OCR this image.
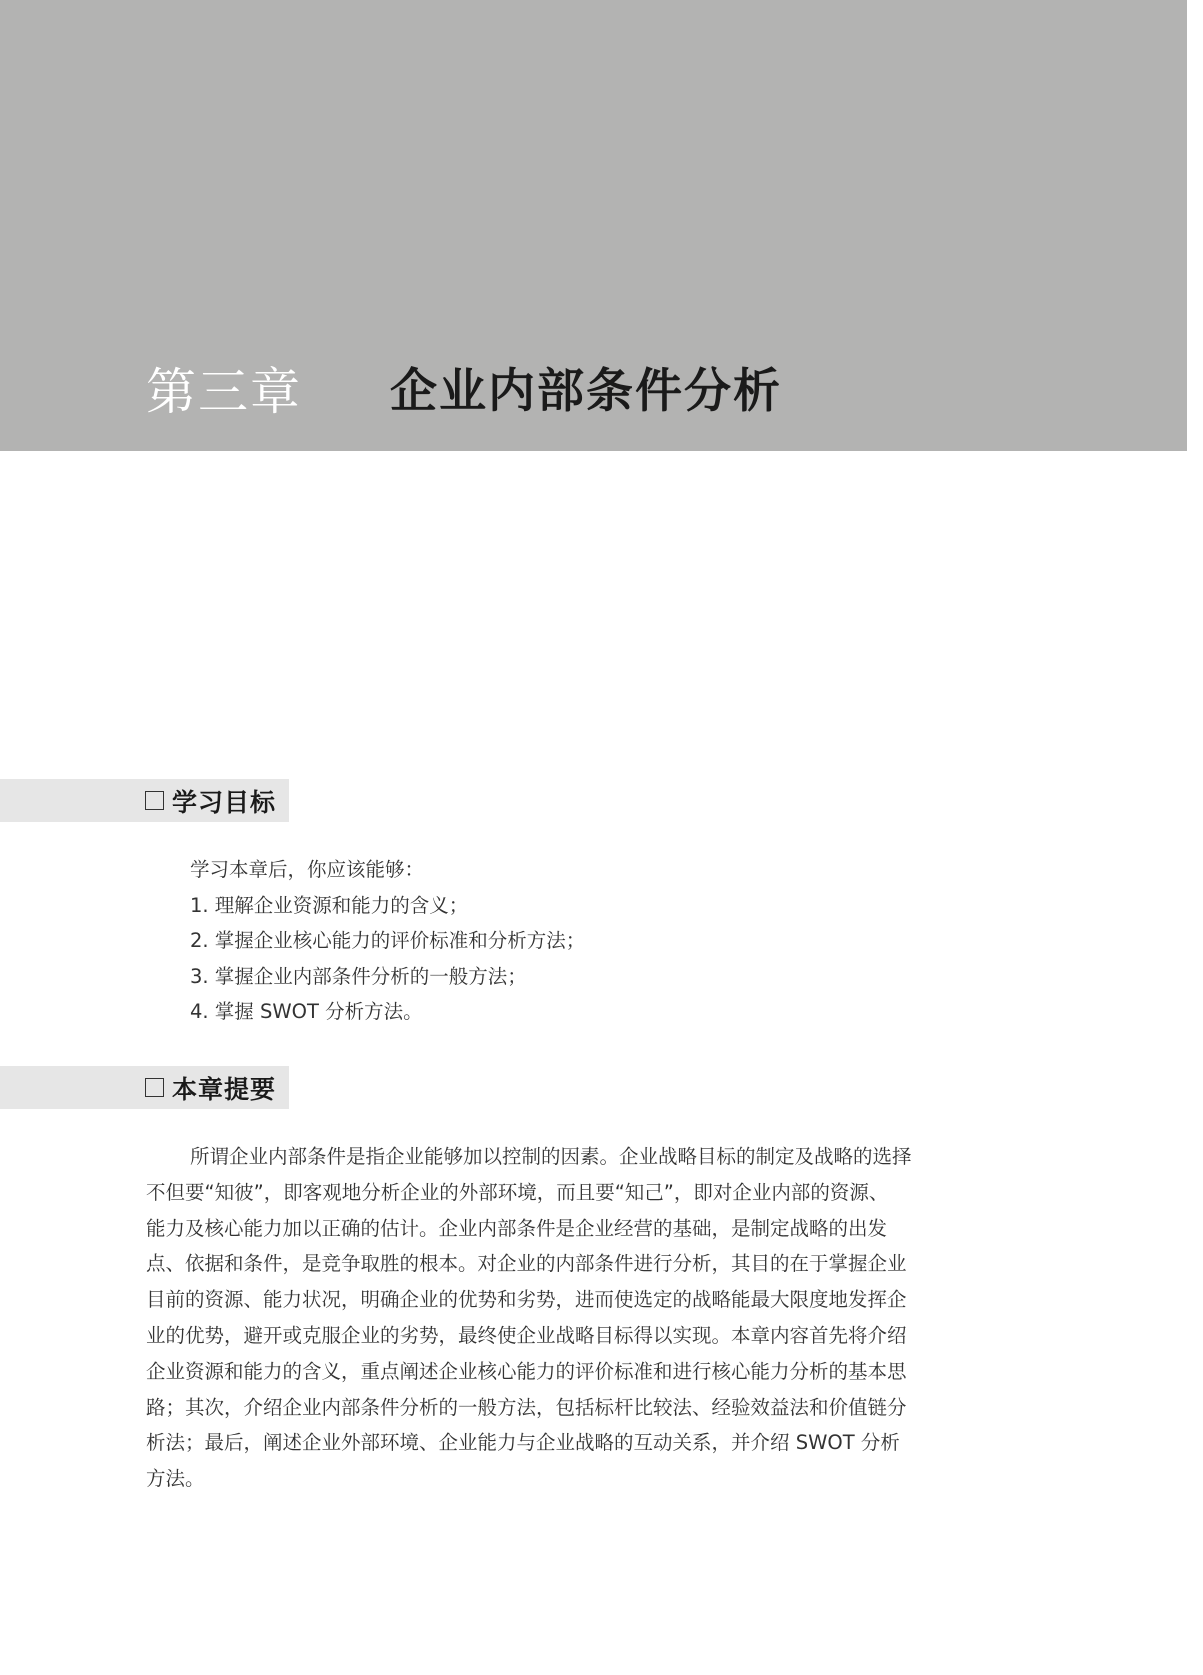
第三章 企业内部条件分析
学习目标
学习本章后，你应该能够：
1. 理解企业资源和能力的含义；
2. 掌握企业核心能力的评价标准和分析方法；
3. 掌握企业内部条件分析的一般方法；
4. 掌握 SWOT 分析方法。
本章提要
所谓企业内部条件是指企业能够加以控制的因素。企业战略目标的制定及战略的选择
不但要“知彼”，即客观地分析企业的外部环境，而且要“知己”，即对企业内部的资源、
能力及核心能力加以正确的估计。企业内部条件是企业经营的基础，是制定战略的出发
点、依据和条件，是竞争取胜的根本。对企业的内部条件进行分析，其目的在于掌握企业
目前的资源、能力状况，明确企业的优势和劣势，进而使选定的战略能最大限度地发挥企
业的优势，避开或克服企业的劣势，最终使企业战略目标得以实现。本章内容首先将介绍
企业资源和能力的含义，重点阐述企业核心能力的评价标准和进行核心能力分析的基本思
路；其次，介绍企业内部条件分析的一般方法，包括标杆比较法、经验效益法和价值链分
析法；最后，阐述企业外部环境、企业能力与企业战略的互动关系，并介绍 SWOT 分析
方法。
